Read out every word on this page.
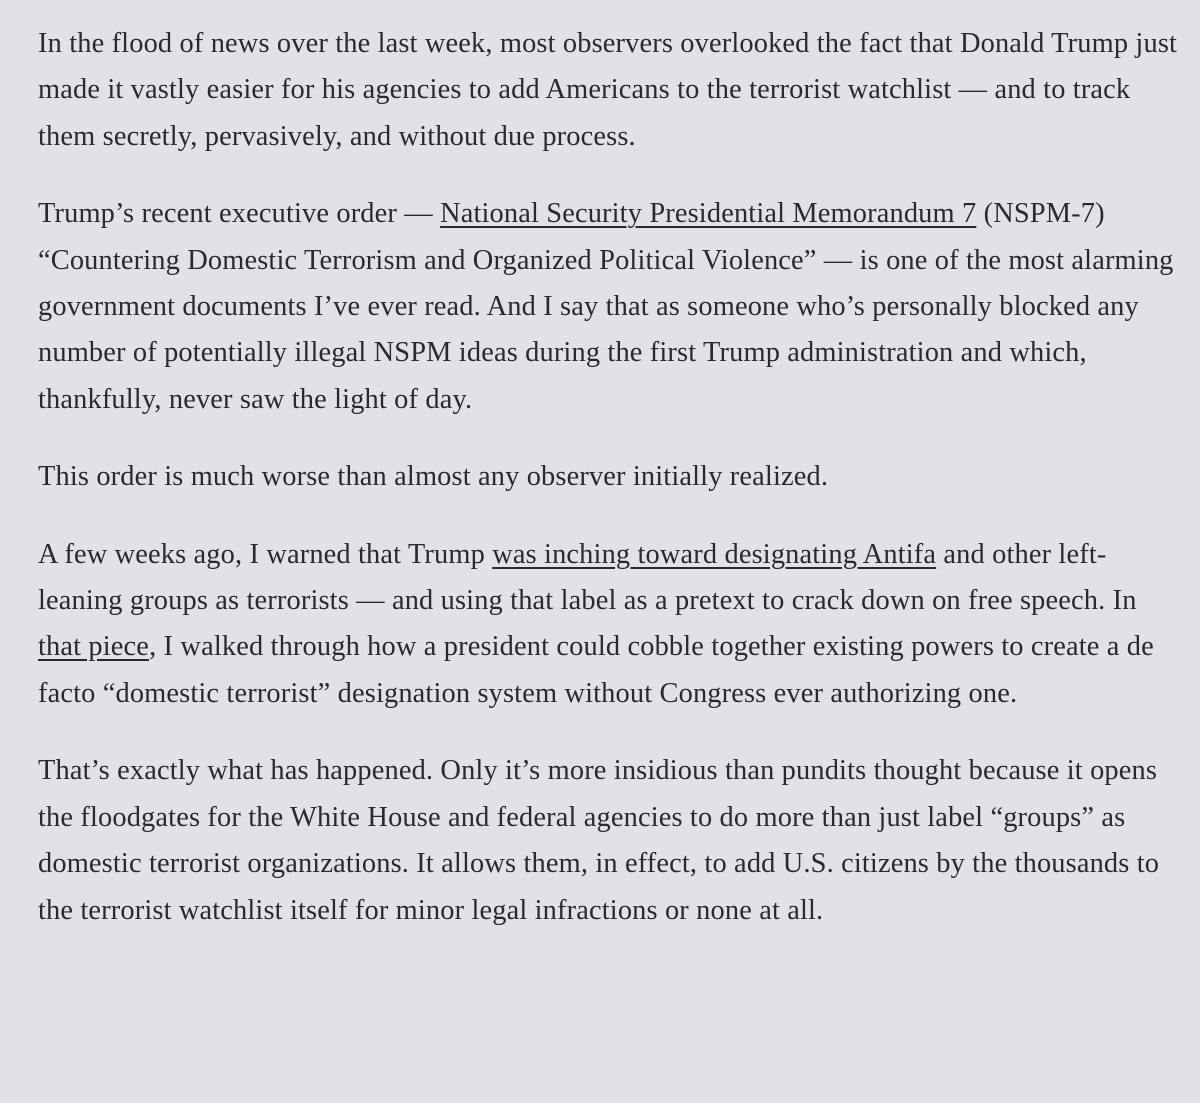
In the flood of news over the last week, most observers overlooked the fact that Donald Trump just made it vastly easier for his agencies to add Americans to the terrorist watchlist — and to track them secretly, pervasively, and without due process.

Trump’s recent executive order — National Security Presidential Memorandum 7 (NSPM-7) “Countering Domestic Terrorism and Organized Political Violence” — is one of the most alarming government documents I’ve ever read. And I say that as someone who’s personally blocked any number of potentially illegal NSPM ideas during the first Trump administration and which, thankfully, never saw the light of day.

This order is much worse than almost any observer initially realized.

A few weeks ago, I warned that Trump was inching toward designating Antifa and other left-leaning groups as terrorists — and using that label as a pretext to crack down on free speech. In that piece, I walked through how a president could cobble together existing powers to create a de facto “domestic terrorist” designation system without Congress ever authorizing one.

That’s exactly what has happened. Only it’s more insidious than pundits thought because it opens the floodgates for the White House and federal agencies to do more than just label “groups” as domestic terrorist organizations. It allows them, in effect, to add U.S. citizens by the thousands to the terrorist watchlist itself for minor legal infractions or none at all.
